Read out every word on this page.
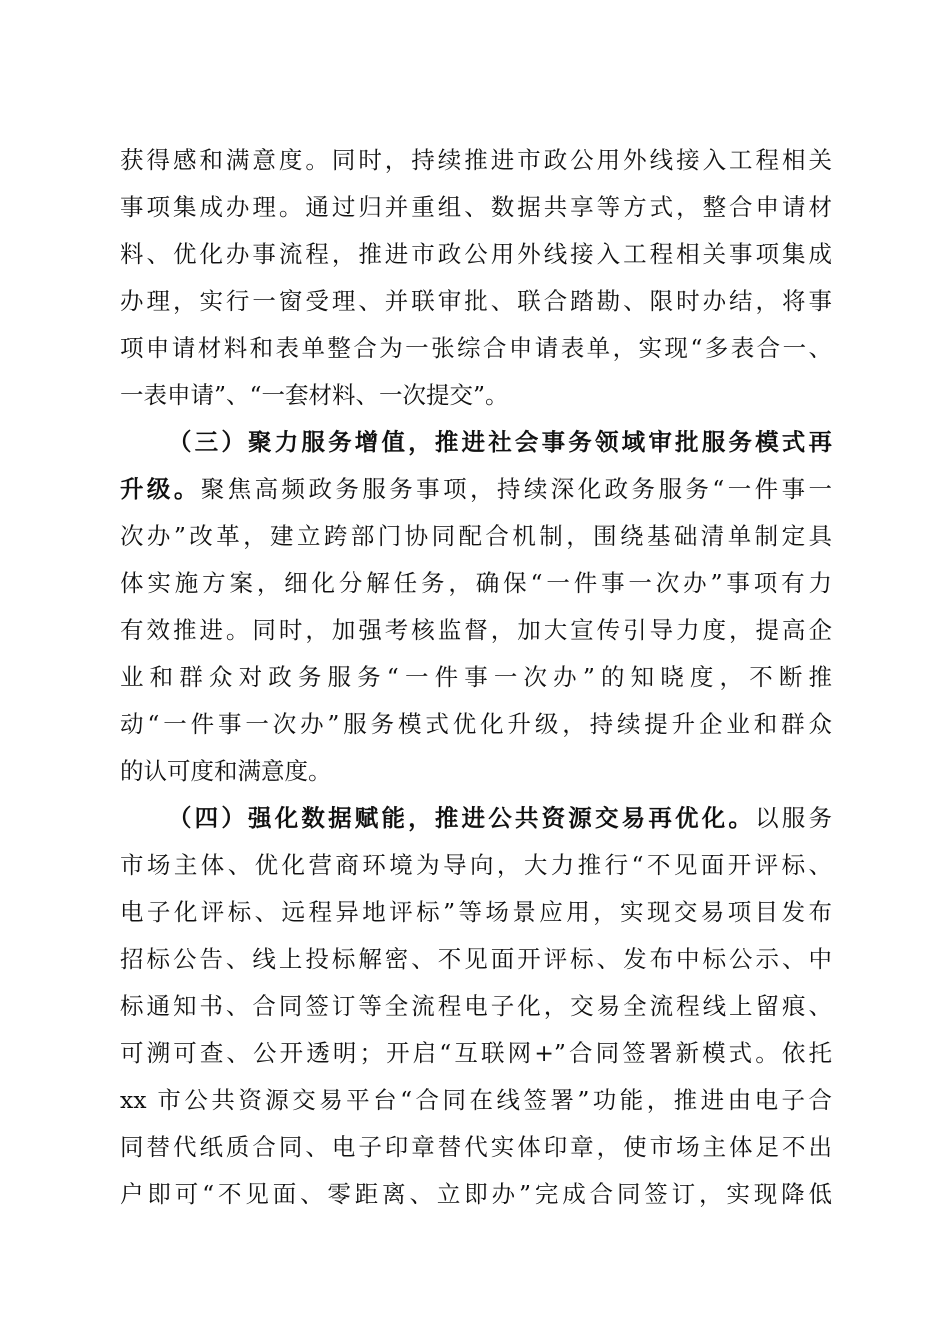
获得感和满意度。同时，持续推进市政公用外线接入工程相关
事项集成办理。通过归并重组、数据共享等方式，整合申请材
料、优化办事流程，推进市政公用外线接入工程相关事项集成
办理，实行一窗受理、并联审批、联合踏勘、限时办结，将事
项申请材料和表单整合为一张综合申请表单，实现“多表合一、
一表申请”、“一套材料、一次提交”。
（三）聚力服务增值，推进社会事务领域审批服务模式再
升级。聚焦高频政务服务事项，持续深化政务服务“一件事一
次办”改革，建立跨部门协同配合机制，围绕基础清单制定具
体实施方案，细化分解任务，确保“一件事一次办”事项有力
有效推进。同时，加强考核监督，加大宣传引导力度，提高企
业和群众对政务服务“一件事一次办”的知晓度，不断推
动“一件事一次办”服务模式优化升级，持续提升企业和群众
的认可度和满意度。
（四）强化数据赋能，推进公共资源交易再优化。以服务
市场主体、优化营商环境为导向，大力推行“不见面开评标、
电子化评标、远程异地评标”等场景应用，实现交易项目发布
招标公告、线上投标解密、不见面开评标、发布中标公示、中
标通知书、合同签订等全流程电子化，交易全流程线上留痕、
可溯可查、公开透明；开启“互联网+”合同签署新模式。依托
xx 市公共资源交易平台“合同在线签署”功能，推进由电子合
同替代纸质合同、电子印章替代实体印章，使市场主体足不出
户即可“不见面、零距离、立即办”完成合同签订，实现降低
